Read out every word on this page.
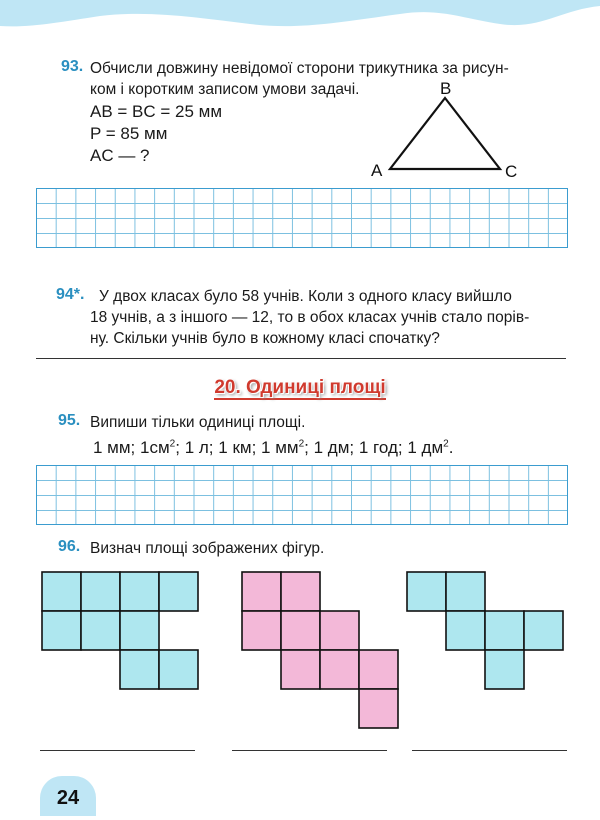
93. Обчисли довжину невідомої сторони трикутника за рисун-
ком і коротким записом умови задачі.
AB = BC = 25 мм
P = 85 мм
AC — ?
B
A	C
94*. У двох класах було 58 учнів. Коли з одного класу вийшло
18 учнів, а з іншого — 12, то в обох класах учнів стало порів-
ну. Скільки учнів було в кожному класі спочатку?
20. Одиниці площі
95. Випиши тільки одиниці площі.
1 мм; $1см^2$; 1 л; 1 км; 1 $мм^2$; 1 дм; 1 год; 1 $дм^2$.
96. Визнач площі зображених фігур.
24
